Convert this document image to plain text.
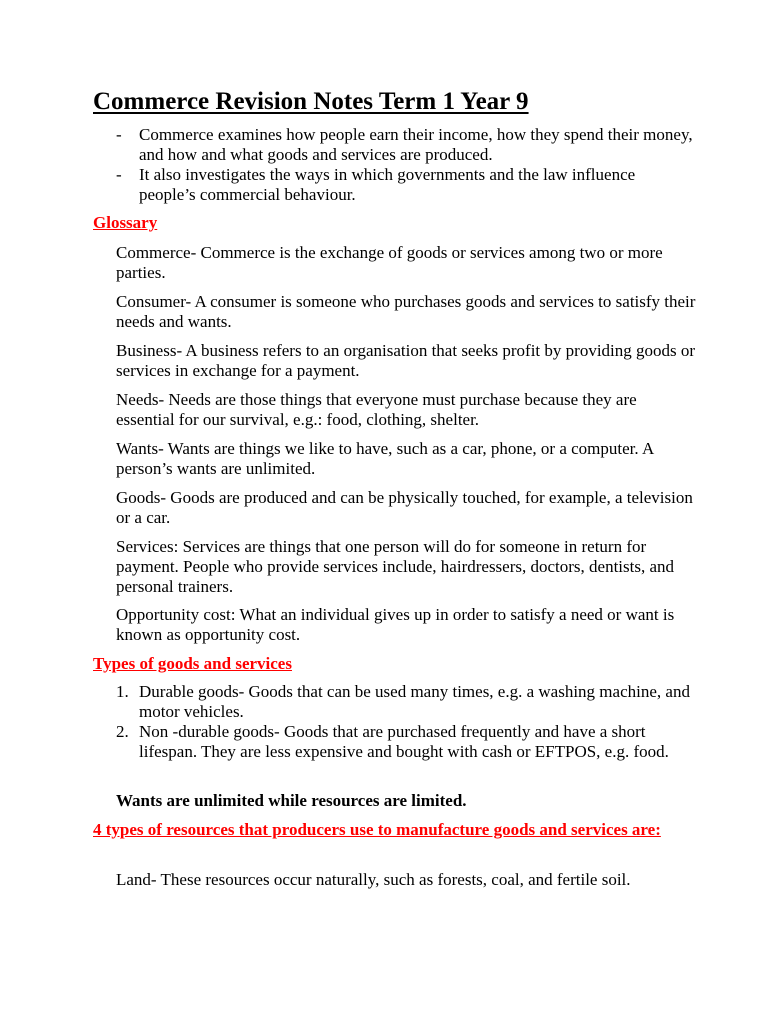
Commerce Revision Notes Term 1 Year 9
- Commerce examines how people earn their income, how they spend their money, and how and what goods and services are produced.
- It also investigates the ways in which governments and the law influence people’s commercial behaviour.

Glossary

Commerce- Commerce is the exchange of goods or services among two or more parties.

Consumer- A consumer is someone who purchases goods and services to satisfy their needs and wants.

Business- A business refers to an organisation that seeks profit by providing goods or services in exchange for a payment.

Needs- Needs are those things that everyone must purchase because they are essential for our survival, e.g.: food, clothing, shelter.

Wants- Wants are things we like to have, such as a car, phone, or a computer. A person’s wants are unlimited.

Goods- Goods are produced and can be physically touched, for example, a television or a car.

Services: Services are things that one person will do for someone in return for payment. People who provide services include, hairdressers, doctors, dentists, and personal trainers.

Opportunity cost: What an individual gives up in order to satisfy a need or want is known as opportunity cost.

Types of goods and services

1. Durable goods- Goods that can be used many times, e.g. a washing machine, and motor vehicles.
2. Non -durable goods- Goods that are purchased frequently and have a short lifespan. They are less expensive and bought with cash or EFTPOS, e.g. food.

Wants are unlimited while resources are limited.

4 types of resources that producers use to manufacture goods and services are:

Land- These resources occur naturally, such as forests, coal, and fertile soil.
